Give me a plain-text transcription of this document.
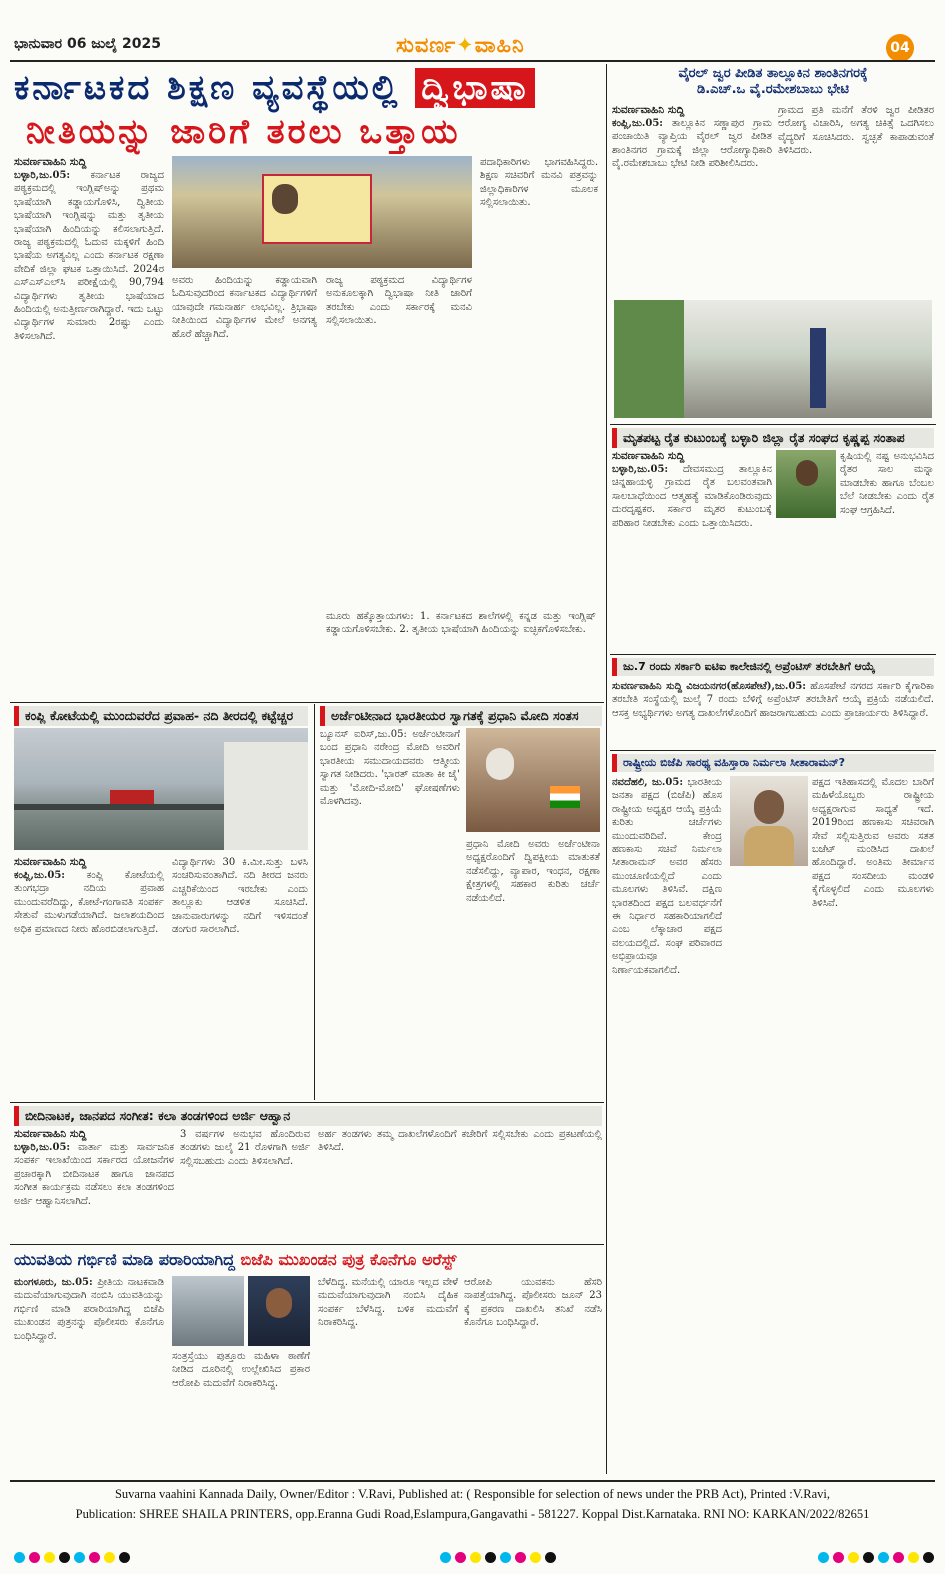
ಭಾನುವಾರ 06 ಜುಲೈ 2025	ಸುವರ್ಣ✦ವಾಹಿನಿ	04
ಕರ್ನಾಟಕದ ಶಿಕ್ಷಣ ವ್ಯವಸ್ಥೆಯಲ್ಲಿ ದ್ವಿಭಾಷಾ
ನೀತಿಯನ್ನು ಜಾರಿಗೆ ತರಲು ಒತ್ತಾಯ
ಸುವರ್ಣವಾಹಿನಿ ಸುದ್ದಿ
ಬಳ್ಳಾರಿ,ಜು.05: ಕರ್ನಾಟಕ ರಾಜ್ಯದ ಪಠ್ಯಕ್ರಮದಲ್ಲಿ ಇಂಗ್ಲಿಷ್‌ಅನ್ನು ಪ್ರಥಮ ಭಾಷೆಯಾಗಿ ಕಡ್ಡಾಯಗೊಳಿಸಿ, ದ್ವಿತೀಯ ಭಾಷೆಯಾಗಿ ಇಂಗ್ಲಿಷನ್ನು ಮತ್ತು ತೃತೀಯ ಭಾಷೆಯಾಗಿ ಹಿಂದಿಯನ್ನು ಕಲಿಸಲಾಗುತ್ತಿದೆ. ರಾಜ್ಯ ಪಠ್ಯಕ್ರಮದಲ್ಲಿ ಓದುವ ಮಕ್ಕಳಿಗೆ ಹಿಂದಿ ಭಾಷೆಯ ಅಗತ್ಯವಿಲ್ಲ ಎಂದು ಕರ್ನಾಟಕ ರಕ್ಷಣಾ ವೇದಿಕೆ ಜಿಲ್ಲಾ ಘಟಕ ಒತ್ತಾಯಿಸಿದೆ. 2024ರ ಎಸ್‌ಎಸ್‌ಎಲ್‌ಸಿ ಪರೀಕ್ಷೆಯಲ್ಲಿ 90,794 ವಿದ್ಯಾರ್ಥಿಗಳು ತೃತೀಯ ಭಾಷೆಯಾದ ಹಿಂದಿಯಲ್ಲಿ ಅನುತ್ತೀರ್ಣರಾಗಿದ್ದಾರೆ. ಇದು ಒಟ್ಟು ವಿದ್ಯಾರ್ಥಿಗಳ ಸುಮಾರು 2ರಷ್ಟು ಎಂದು ತಿಳಿಸಲಾಗಿದೆ.
ಅವರು ಹಿಂದಿಯನ್ನು ಕಡ್ಡಾಯವಾಗಿ ಓದಿಸುವುದರಿಂದ ಕರ್ನಾಟಕದ ವಿದ್ಯಾರ್ಥಿಗಳಿಗೆ ಯಾವುದೇ ಗಮನಾರ್ಹ ಲಾಭವಿಲ್ಲ. ತ್ರಿಭಾಷಾ ನೀತಿಯಿಂದ ವಿದ್ಯಾರ್ಥಿಗಳ ಮೇಲೆ ಅನಗತ್ಯ ಹೊರೆ ಹೆಚ್ಚಾಗಿದೆ.
ರಾಜ್ಯ ಪಠ್ಯಕ್ರಮದ ವಿದ್ಯಾರ್ಥಿಗಳ ಅನುಕೂಲಕ್ಕಾಗಿ ದ್ವಿಭಾಷಾ ನೀತಿ ಜಾರಿಗೆ ತರಬೇಕು ಎಂದು ಸರ್ಕಾರಕ್ಕೆ ಮನವಿ ಸಲ್ಲಿಸಲಾಯಿತು.
ಮೂರು ಹಕ್ಕೊತ್ತಾಯಗಳು: 1. ಕರ್ನಾಟಕದ ಶಾಲೆಗಳಲ್ಲಿ ಕನ್ನಡ ಮತ್ತು ಇಂಗ್ಲಿಷ್ ಕಡ್ಡಾಯಗೊಳಿಸಬೇಕು. 2. ತೃತೀಯ ಭಾಷೆಯಾಗಿ ಹಿಂದಿಯನ್ನು ಐಚ್ಛಿಕಗೊಳಿಸಬೇಕು.
ಪದಾಧಿಕಾರಿಗಳು ಭಾಗವಹಿಸಿದ್ದರು. ಶಿಕ್ಷಣ ಸಚಿವರಿಗೆ ಮನವಿ ಪತ್ರವನ್ನು ಜಿಲ್ಲಾಧಿಕಾರಿಗಳ ಮೂಲಕ ಸಲ್ಲಿಸಲಾಯಿತು.
ವೈರಲ್ ಜ್ವರ ಪೀಡಿತ ತಾಲ್ಲೂಕಿನ ಶಾಂತಿನಗರಕ್ಕೆ
ಡಿ.ಎಚ್.ಒ ವೈ.ರಮೇಶಬಾಬು ಭೇಟಿ
ಸುವರ್ಣವಾಹಿನಿ ಸುದ್ದಿ
ಕಂಪ್ಲಿ,ಜು.05: ತಾಲ್ಲೂಕಿನ ಸಣ್ಣಾಪುರ ಗ್ರಾಮ ಪಂಚಾಯಿತಿ ವ್ಯಾಪ್ತಿಯ ವೈರಲ್ ಜ್ವರ ಪೀಡಿತ ಶಾಂತಿನಗರ ಗ್ರಾಮಕ್ಕೆ ಜಿಲ್ಲಾ ಆರೋಗ್ಯಾಧಿಕಾರಿ ವೈ.ರಮೇಶಬಾಬು ಭೇಟಿ ನೀಡಿ ಪರಿಶೀಲಿಸಿದರು.
ಗ್ರಾಮದ ಪ್ರತಿ ಮನೆಗೆ ತೆರಳಿ ಜ್ವರ ಪೀಡಿತರ ಆರೋಗ್ಯ ವಿಚಾರಿಸಿ, ಅಗತ್ಯ ಚಿಕಿತ್ಸೆ ಒದಗಿಸಲು ವೈದ್ಯರಿಗೆ ಸೂಚಿಸಿದರು. ಸ್ವಚ್ಛತೆ ಕಾಪಾಡುವಂತೆ ತಿಳಿಸಿದರು.
ಮೃತಪಟ್ಟ ರೈತ ಕುಟುಂಬಕ್ಕೆ ಬಳ್ಳಾರಿ ಜಿಲ್ಲಾ ರೈತ ಸಂಘದ ಕೃಷ್ಣಪ್ಪ ಸಂತಾಪ
ಸುವರ್ಣವಾಹಿನಿ ಸುದ್ದಿ
ಬಳ್ಳಾರಿ,ಜು.05: ದೇವಸಮುದ್ರ ತಾಲ್ಲೂಕಿನ ಚಿನ್ನಹಾಯಳ್ಳಿ ಗ್ರಾಮದ ರೈತ ಬಲವಂತವಾಗಿ ಸಾಲಬಾಧೆಯಿಂದ ಆತ್ಮಹತ್ಯೆ ಮಾಡಿಕೊಂಡಿರುವುದು ದುರದೃಷ್ಟಕರ. ಸರ್ಕಾರ ಮೃತರ ಕುಟುಂಬಕ್ಕೆ ಪರಿಹಾರ ನೀಡಬೇಕು ಎಂದು ಒತ್ತಾಯಿಸಿದರು.
ಕೃಷಿಯಲ್ಲಿ ನಷ್ಟ ಅನುಭವಿಸಿದ ರೈತರ ಸಾಲ ಮನ್ನಾ ಮಾಡಬೇಕು ಹಾಗೂ ಬೆಂಬಲ ಬೆಲೆ ನೀಡಬೇಕು ಎಂದು ರೈತ ಸಂಘ ಆಗ್ರಹಿಸಿದೆ.
ಜು.7 ರಂದು ಸರ್ಕಾರಿ ಐಟಿಐ ಕಾಲೇಜಿನಲ್ಲಿ ಅಪ್ರೆಂಟಿಸ್ ತರಬೇತಿಗೆ ಆಯ್ಕೆ
ಸುವರ್ಣವಾಹಿನಿ ಸುದ್ದಿ ವಿಜಯನಗರ(ಹೊಸಪೇಟೆ),ಜು.05: ಹೊಸಪೇಟೆ ನಗರದ ಸರ್ಕಾರಿ ಕೈಗಾರಿಕಾ ತರಬೇತಿ ಸಂಸ್ಥೆಯಲ್ಲಿ ಜುಲೈ 7 ರಂದು ಬೆಳಿಗ್ಗೆ ಅಪ್ರೆಂಟಿಸ್ ತರಬೇತಿಗೆ ಆಯ್ಕೆ ಪ್ರಕ್ರಿಯೆ ನಡೆಯಲಿದೆ. ಆಸಕ್ತ ಅಭ್ಯರ್ಥಿಗಳು ಅಗತ್ಯ ದಾಖಲೆಗಳೊಂದಿಗೆ ಹಾಜರಾಗಬಹುದು ಎಂದು ಪ್ರಾಚಾರ್ಯರು ತಿಳಿಸಿದ್ದಾರೆ.
ರಾಷ್ಟ್ರೀಯ ಬಿಜೆಪಿ ಸಾರಥ್ಯ ವಹಿಸ್ತಾರಾ ನಿರ್ಮಲಾ ಸೀತಾರಾಮನ್?
ನವದೆಹಲಿ, ಜು.05: ಭಾರತೀಯ ಜನತಾ ಪಕ್ಷದ (ಬಿಜೆಪಿ) ಹೊಸ ರಾಷ್ಟ್ರೀಯ ಅಧ್ಯಕ್ಷರ ಆಯ್ಕೆ ಪ್ರಕ್ರಿಯೆ ಕುರಿತು ಚರ್ಚೆಗಳು ಮುಂದುವರಿದಿವೆ. ಕೇಂದ್ರ ಹಣಕಾಸು ಸಚಿವೆ ನಿರ್ಮಲಾ ಸೀತಾರಾಮನ್ ಅವರ ಹೆಸರು ಮುಂಚೂಣಿಯಲ್ಲಿದೆ ಎಂದು ಮೂಲಗಳು ತಿಳಿಸಿವೆ. ದಕ್ಷಿಣ ಭಾರತದಿಂದ ಪಕ್ಷದ ಬಲವರ್ಧನೆಗೆ ಈ ನಿರ್ಧಾರ ಸಹಕಾರಿಯಾಗಲಿದೆ ಎಂಬ ಲೆಕ್ಕಾಚಾರ ಪಕ್ಷದ ವಲಯದಲ್ಲಿದೆ. ಸಂಘ ಪರಿವಾರದ ಅಭಿಪ್ರಾಯವೂ ನಿರ್ಣಾಯಕವಾಗಲಿದೆ.
ಪಕ್ಷದ ಇತಿಹಾಸದಲ್ಲಿ ಮೊದಲ ಬಾರಿಗೆ ಮಹಿಳೆಯೊಬ್ಬರು ರಾಷ್ಟ್ರೀಯ ಅಧ್ಯಕ್ಷರಾಗುವ ಸಾಧ್ಯತೆ ಇದೆ. 2019ರಿಂದ ಹಣಕಾಸು ಸಚಿವರಾಗಿ ಸೇವೆ ಸಲ್ಲಿಸುತ್ತಿರುವ ಅವರು ಸತತ ಬಜೆಟ್ ಮಂಡಿಸಿದ ದಾಖಲೆ ಹೊಂದಿದ್ದಾರೆ. ಅಂತಿಮ ತೀರ್ಮಾನ ಪಕ್ಷದ ಸಂಸದೀಯ ಮಂಡಳಿ ಕೈಗೊಳ್ಳಲಿದೆ ಎಂದು ಮೂಲಗಳು ತಿಳಿಸಿವೆ.
ಕಂಪ್ಲಿ ಕೋಟೆಯಲ್ಲಿ ಮುಂದುವರೆದ ಪ್ರವಾಹ- ನದಿ ತೀರದಲ್ಲಿ ಕಟ್ಟೆಚ್ಚರ
ಸುವರ್ಣವಾಹಿನಿ ಸುದ್ದಿ
ಕಂಪ್ಲಿ,ಜು.05: ಕಂಪ್ಲಿ ಕೋಟೆಯಲ್ಲಿ ತುಂಗಭದ್ರಾ ನದಿಯ ಪ್ರವಾಹ ಮುಂದುವರೆದಿದ್ದು, ಕೋಟೆ-ಗಂಗಾವತಿ ಸಂಪರ್ಕ ಸೇತುವೆ ಮುಳುಗಡೆಯಾಗಿದೆ. ಜಲಾಶಯದಿಂದ ಅಧಿಕ ಪ್ರಮಾಣದ ನೀರು ಹೊರಬಿಡಲಾಗುತ್ತಿದೆ.
ವಿದ್ಯಾರ್ಥಿಗಳು 30 ಕಿ.ಮೀ.ಸುತ್ತು ಬಳಸಿ ಸಂಚರಿಸುವಂತಾಗಿದೆ. ನದಿ ತೀರದ ಜನರು ಎಚ್ಚರಿಕೆಯಿಂದ ಇರಬೇಕು ಎಂದು ತಾಲ್ಲೂಕು ಆಡಳಿತ ಸೂಚಿಸಿದೆ. ಜಾನುವಾರುಗಳನ್ನು ನದಿಗೆ ಇಳಿಸದಂತೆ ಡಂಗುರ ಸಾರಲಾಗಿದೆ.
ಅರ್ಜೆಂಟೀನಾದ ಭಾರತೀಯರ ಸ್ವಾಗತಕ್ಕೆ ಪ್ರಧಾನಿ ಮೋದಿ ಸಂತಸ
ಬ್ಯೂನಸ್ ಐರಿಸ್,ಜು.05: ಅರ್ಜೆಂಟೀನಾಗೆ ಬಂದ ಪ್ರಧಾನಿ ನರೇಂದ್ರ ಮೋದಿ ಅವರಿಗೆ ಭಾರತೀಯ ಸಮುದಾಯದವರು ಆತ್ಮೀಯ ಸ್ವಾಗತ ನೀಡಿದರು. 'ಭಾರತ್ ಮಾತಾ ಕೀ ಜೈ' ಮತ್ತು 'ಮೋದಿ-ಮೋದಿ' ಘೋಷಣೆಗಳು ಮೊಳಗಿದವು.
ಪ್ರಧಾನಿ ಮೋದಿ ಅವರು ಅರ್ಜೆಂಟೀನಾ ಅಧ್ಯಕ್ಷರೊಂದಿಗೆ ದ್ವಿಪಕ್ಷೀಯ ಮಾತುಕತೆ ನಡೆಸಲಿದ್ದು, ವ್ಯಾಪಾರ, ಇಂಧನ, ರಕ್ಷಣಾ ಕ್ಷೇತ್ರಗಳಲ್ಲಿ ಸಹಕಾರ ಕುರಿತು ಚರ್ಚೆ ನಡೆಯಲಿದೆ.
ಬೀದಿನಾಟಕ, ಜಾನಪದ ಸಂಗೀತ: ಕಲಾ ತಂಡಗಳಿಂದ ಅರ್ಜಿ ಆಹ್ವಾನ
ಸುವರ್ಣವಾಹಿನಿ ಸುದ್ದಿ
ಬಳ್ಳಾರಿ,ಜು.05: ವಾರ್ತಾ ಮತ್ತು ಸಾರ್ವಜನಿಕ ಸಂಪರ್ಕ ಇಲಾಖೆಯಿಂದ ಸರ್ಕಾರದ ಯೋಜನೆಗಳ ಪ್ರಚಾರಕ್ಕಾಗಿ ಬೀದಿನಾಟಕ ಹಾಗೂ ಜಾನಪದ ಸಂಗೀತ ಕಾರ್ಯಕ್ರಮ ನಡೆಸಲು ಕಲಾ ತಂಡಗಳಿಂದ ಅರ್ಜಿ ಆಹ್ವಾನಿಸಲಾಗಿದೆ.
3 ವರ್ಷಗಳ ಅನುಭವ ಹೊಂದಿರುವ ತಂಡಗಳು ಜುಲೈ 21 ರೊಳಗಾಗಿ ಅರ್ಜಿ ಸಲ್ಲಿಸಬಹುದು ಎಂದು ತಿಳಿಸಲಾಗಿದೆ.
ಅರ್ಹ ತಂಡಗಳು ತಮ್ಮ ದಾಖಲೆಗಳೊಂದಿಗೆ ಕಚೇರಿಗೆ ಸಲ್ಲಿಸಬೇಕು ಎಂದು ಪ್ರಕಟಣೆಯಲ್ಲಿ ತಿಳಿಸಿದೆ.
ಯುವತಿಯ ಗರ್ಭಿಣಿ ಮಾಡಿ ಪರಾರಿಯಾಗಿದ್ದ ಬಿಜೆಪಿ ಮುಖಂಡನ ಪುತ್ರ ಕೊನೆಗೂ ಅರೆಸ್ಟ್
ಮಂಗಳೂರು, ಜು.05: ಪ್ರೀತಿಯ ನಾಟಕವಾಡಿ ಮದುವೆಯಾಗುವುದಾಗಿ ನಂಬಿಸಿ ಯುವತಿಯನ್ನು ಗರ್ಭಿಣಿ ಮಾಡಿ ಪರಾರಿಯಾಗಿದ್ದ ಬಿಜೆಪಿ ಮುಖಂಡನ ಪುತ್ರನನ್ನು ಪೊಲೀಸರು ಕೊನೆಗೂ ಬಂಧಿಸಿದ್ದಾರೆ.
ಸಂತ್ರಸ್ತೆಯು ಪುತ್ತೂರು ಮಹಿಳಾ ಠಾಣೆಗೆ ನೀಡಿದ ದೂರಿನಲ್ಲಿ ಉಲ್ಲೇಖಿಸಿದ ಪ್ರಕಾರ ಆರೋಪಿ ಮದುವೆಗೆ ನಿರಾಕರಿಸಿದ್ದ.
ಬೆಳೆದಿದ್ದ. ಮನೆಯಲ್ಲಿ ಯಾರೂ ಇಲ್ಲದ ವೇಳೆ ಮದುವೆಯಾಗುವುದಾಗಿ ನಂಬಿಸಿ ದೈಹಿಕ ಸಂಪರ್ಕ ಬೆಳೆಸಿದ್ದ. ಬಳಿಕ ಮದುವೆಗೆ ನಿರಾಕರಿಸಿದ್ದ.
ಆರೋಪಿ ಯುವಕನು ಹೆಸರಿ ನಾಪತ್ತೆಯಾಗಿದ್ದ. ಪೊಲೀಸರು ಜೂನ್ 23 ಕ್ಕೆ ಪ್ರಕರಣ ದಾಖಲಿಸಿ ತನಿಖೆ ನಡೆಸಿ ಕೊನೆಗೂ ಬಂಧಿಸಿದ್ದಾರೆ.
Suvarna vaahini Kannada Daily, Owner/Editor : V.Ravi, Published at: ( Responsible for selection of news under the PRB Act), Printed :V.Ravi,
Publication: SHREE SHAILA PRINTERS, opp.Eranna Gudi Road,Eslampura,Gangavathi - 581227. Koppal Dist.Karnataka. RNI NO: KARKAN/2022/82651
